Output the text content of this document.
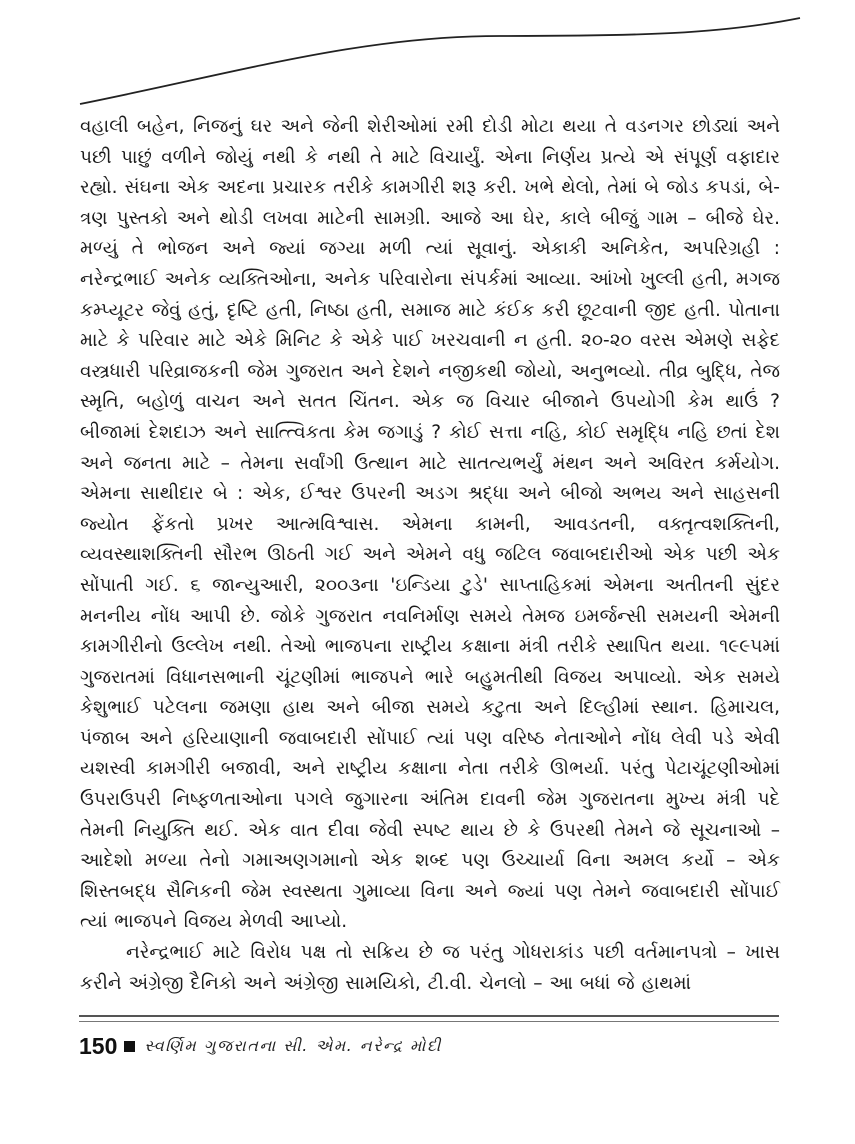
વહાલી બહેન, નિજનું ઘર અને જેની શેરીઓમાં રમી દોડી મોટા થયા તે વડનગર છોડ્યાં અને પછી પાછું વળીને જોયું નથી કે નથી તે માટે વિચાર્યું. એના નિર્ણય પ્રત્યે એ સંપૂર્ણ વફાદાર રહ્યો. સંઘના એક અદના પ્રચારક તરીકે કામગીરી શરૂ કરી. ખભે થેલો, તેમાં બે જોડ કપડાં, બે-ત્રણ પુસ્તકો અને થોડી લખવા માટેની સામગ્રી. આજે આ ઘેર, કાલે બીજું ગામ – બીજે ઘેર. મળ્યું તે ભોજન અને જ્યાં જગ્યા મળી ત્યાં સૂવાનું. એકાકી અનિકેત, અપરિગ્રહી : નરેન્દ્રભાઈ અનેક વ્યક્તિઓના, અનેક પરિવારોના સંપર્કમાં આવ્યા. આંખો ખુલ્લી હતી, મગજ કમ્પ્યૂટર જેવું હતું, દૃષ્ટિ હતી, નિષ્ઠા હતી, સમાજ માટે કંઈક કરી છૂટવાની જીદ હતી. પોતાના માટે કે પરિવાર માટે એકે મિનિટ કે એકે પાઈ ખરચવાની ન હતી. ૨૦-૨૦ વરસ એમણે સફેદ વસ્ત્રધારી પરિવ્રાજકની જેમ ગુજરાત અને દેશને નજીકથી જોયો, અનુભવ્યો. તીવ્ર બુદ્ધિ, તેજ સ્મૃતિ, બહોળું વાચન અને સતત ચિંતન. એક જ વિચાર બીજાને ઉપયોગી કેમ થાઉં ? બીજામાં દેશદાઝ અને સાત્ત્વિકતા કેમ જગાડું ? કોઈ સત્તા નહિ, કોઈ સમૃદ્ધિ નહિ છતાં દેશ અને જનતા માટે – તેમના સર્વાંગી ઉત્થાન માટે સાતત્યભર્યું મંથન અને અવિરત કર્મયોગ. એમના સાથીદાર બે : એક, ઈશ્વર ઉપરની અડગ શ્રદ્ધા અને બીજો અભય અને સાહસની જ્યોત ફેંકતો પ્રખર આત્મવિશ્વાસ. એમના કામની, આવડતની, વક્તૃત્વશક્તિની, વ્યવસ્થાશક્તિની સૌરભ ઊઠતી ગઈ અને એમને વધુ જટિલ જવાબદારીઓ એક પછી એક સોંપાતી ગઈ. ૬ જાન્યુઆરી, ૨૦૦૩ના 'ઇન્ડિયા ટુડે' સાપ્તાહિકમાં એમના અતીતની સુંદર મનનીય નોંધ આપી છે. જોકે ગુજરાત નવનિર્માણ સમયે તેમજ ઇમર્જન્સી સમયની એમની કામગીરીનો ઉલ્લેખ નથી. તેઓ ભાજપના રાષ્ટ્રીય કક્ષાના મંત્રી તરીકે સ્થાપિત થયા. ૧૯૯૫માં ગુજરાતમાં વિધાનસભાની ચૂંટણીમાં ભાજપને ભારે બહુમતીથી વિજય અપાવ્યો. એક સમયે કેશુભાઈ પટેલના જમણા હાથ અને બીજા સમયે કટુતા અને દિલ્હીમાં સ્થાન. હિમાચલ, પંજાબ અને હરિયાણાની જવાબદારી સોંપાઈ ત્યાં પણ વરિષ્ઠ નેતાઓને નોંધ લેવી પડે એવી યશસ્વી કામગીરી બજાવી, અને રાષ્ટ્રીય કક્ષાના નેતા તરીકે ઊભર્યા. પરંતુ પેટાચૂંટણીઓમાં ઉપરાઉપરી નિષ્ફળતાઓના પગલે જુગારના અંતિમ દાવની જેમ ગુજરાતના મુખ્ય મંત્રી પદે તેમની નિયુક્તિ થઈ. એક વાત દીવા જેવી સ્પષ્ટ થાય છે કે ઉપરથી તેમને જે સૂચનાઓ – આદેશો મળ્યા તેનો ગમાઅણગમાનો એક શબ્દ પણ ઉચ્ચાર્યા વિના અમલ કર્યો – એક શિસ્તબદ્ધ સૈનિકની જેમ સ્વસ્થતા ગુમાવ્યા વિના અને જ્યાં પણ તેમને જવાબદારી સોંપાઈ ત્યાં ભાજપને વિજય મેળવી આપ્યો.

નરેન્દ્રભાઈ માટે વિરોધ પક્ષ તો સક્રિય છે જ પરંતુ ગોધરાકાંડ પછી વર્તમાનપત્રો – ખાસ કરીને અંગ્રેજી દૈનિકો અને અંગ્રેજી સામયિકો, ટી.વી. ચેનલો – આ બધાં જે હાથમાં

150 સ્વર્ણિમ ગુજરાતના સી. એમ. નરેન્દ્ર મોદી
